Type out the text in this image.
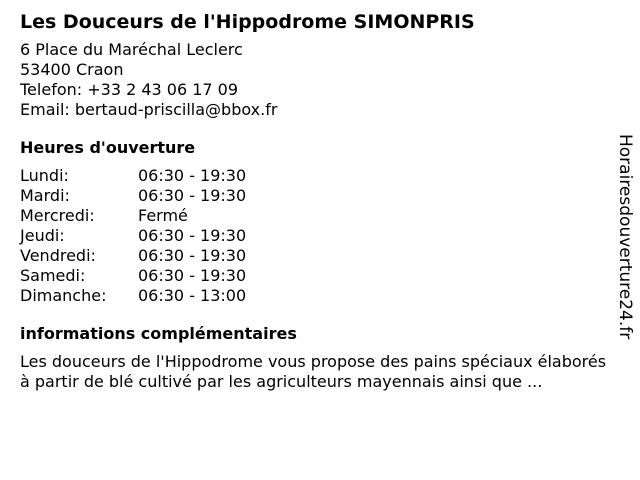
Les Douceurs de l'Hippodrome SIMONPRIS
6 Place du Maréchal Leclerc
53400 Craon
Telefon: +33 2 43 06 17 09
Email: bertaud-priscilla@bbox.fr
Heures d'ouverture
Lundi:	06:30 - 19:30
Mardi:	06:30 - 19:30
Mercredi:	Fermé
Jeudi:	06:30 - 19:30
Vendredi:	06:30 - 19:30
Samedi:	06:30 - 19:30
Dimanche: 06:30 - 13:00
informations complémentaires
Les douceurs de l'Hippodrome vous propose des pains spéciaux élaborés à partir de blé cultivé par les agriculteurs mayennais ainsi que ...
Horairesdouverture24.fr
